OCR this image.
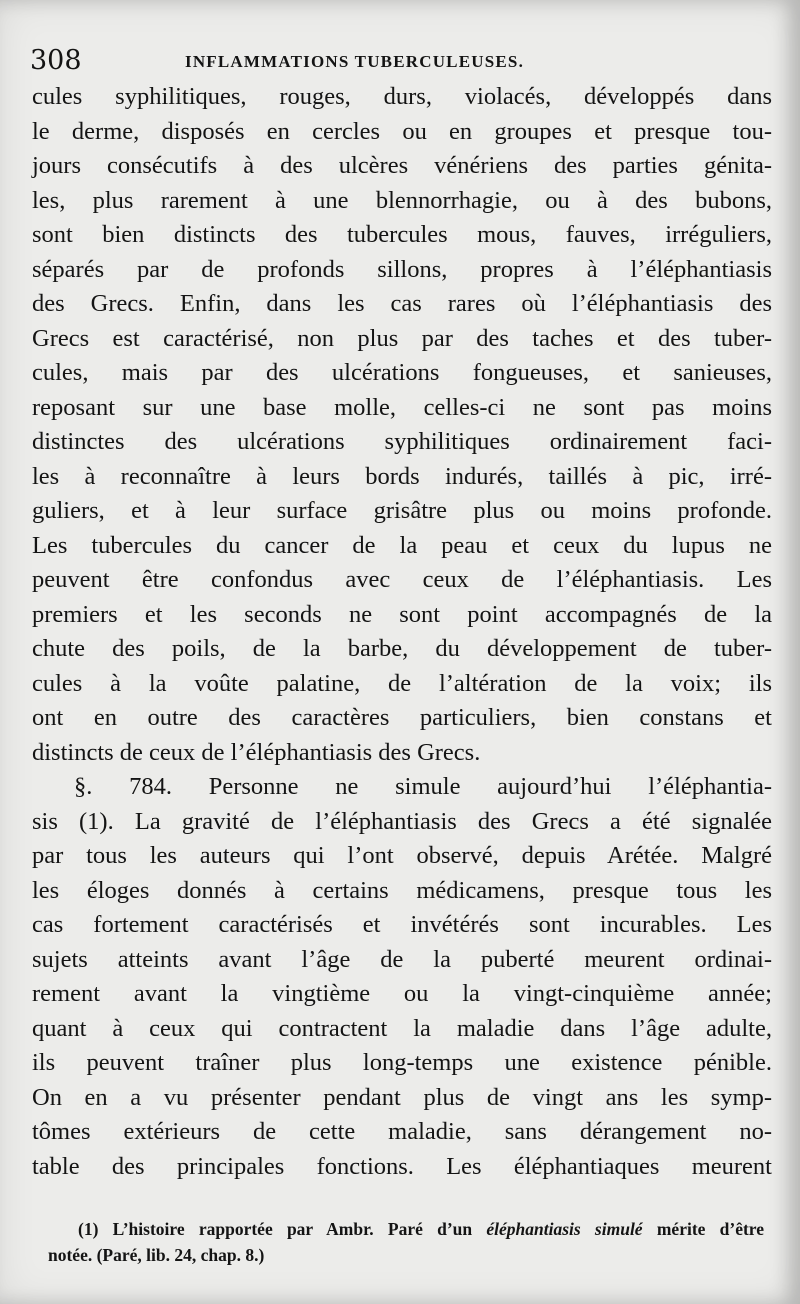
308	INFLAMMATIONS TUBERCULEUSES.
cules syphilitiques, rouges, durs, violacés, développés dans
le derme, disposés en cercles ou en groupes et presque tou-
jours consécutifs à des ulcères vénériens des parties génita-
les, plus rarement à une blennorrhagie, ou à des bubons,
sont bien distincts des tubercules mous, fauves, irréguliers,
séparés par de profonds sillons, propres à l’éléphantiasis
des Grecs. Enfin, dans les cas rares où l’éléphantiasis des
Grecs est caractérisé, non plus par des taches et des tuber-
cules, mais par des ulcérations fongueuses, et sanieuses,
reposant sur une base molle, celles-ci ne sont pas moins
distinctes des ulcérations syphilitiques ordinairement faci-
les à reconnaître à leurs bords indurés, taillés à pic, irré-
guliers, et à leur surface grisâtre plus ou moins profonde.
Les tubercules du cancer de la peau et ceux du lupus ne
peuvent être confondus avec ceux de l’éléphantiasis. Les
premiers et les seconds ne sont point accompagnés de la
chute des poils, de la barbe, du développement de tuber-
cules à la voûte palatine, de l’altération de la voix; ils
ont en outre des caractères particuliers, bien constans et
distincts de ceux de l’éléphantiasis des Grecs.
§. 784. Personne ne simule aujourd’hui l’éléphantia-
sis (1). La gravité de l’éléphantiasis des Grecs a été signalée
par tous les auteurs qui l’ont observé, depuis Arétée. Malgré
les éloges donnés à certains médicamens, presque tous les
cas fortement caractérisés et invétérés sont incurables. Les
sujets atteints avant l’âge de la puberté meurent ordinai-
rement avant la vingtième ou la vingt-cinquième année;
quant à ceux qui contractent la maladie dans l’âge adulte,
ils peuvent traîner plus long-temps une existence pénible.
On en a vu présenter pendant plus de vingt ans les symp-
tômes extérieurs de cette maladie, sans dérangement no-
table des principales fonctions. Les éléphantiaques meurent
(1) L’histoire rapportée par Ambr. Paré d’un éléphantiasis simulé mérite d’être
notée. (Paré, lib. 24, chap. 8.)
